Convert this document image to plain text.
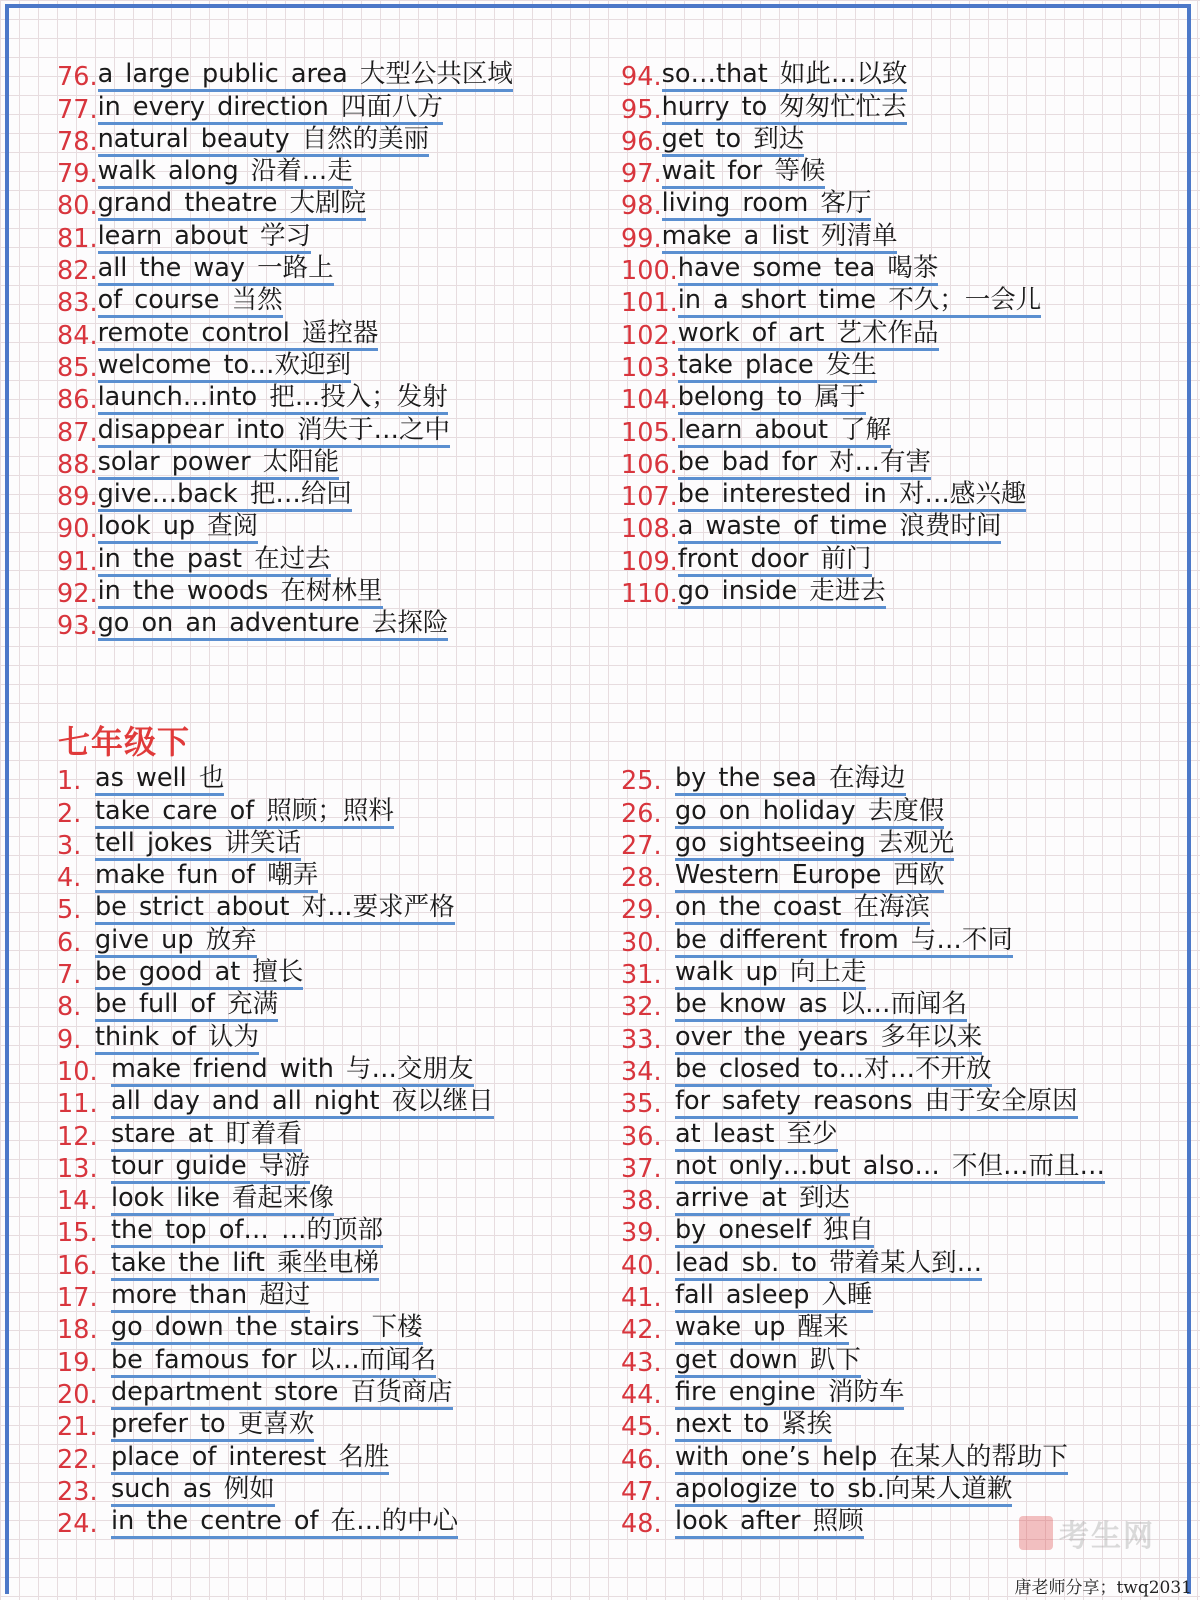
76. a large public area 大型公共区域
77. in every direction 四面八方
78. natural beauty 自然的美丽
79. walk along 沿着…走
80. grand theatre 大剧院
81. learn about 学习
82. all the way 一路上
83. of course 当然
84. remote control 遥控器
85. welcome to…欢迎到
86. launch…into 把…投入；发射
87. disappear into 消失于…之中
88. solar power 太阳能
89. give…back 把…给回
90. look up 查阅
91. in the past 在过去
92. in the woods 在树林里
93. go on an adventure 去探险
94. so…that 如此…以致
95. hurry to 匆匆忙忙去
96. get to 到达
97. wait for 等候
98. living room 客厅
99. make a list 列清单
100. have some tea 喝茶
101. in a short time 不久；一会儿
102. work of art 艺术作品
103. take place 发生
104. belong to 属于
105. learn about 了解
106. be bad for 对…有害
107. be interested in 对…感兴趣
108. a waste of time 浪费时间
109. front door 前门
110. go inside 走进去
七年级下
1. as well 也
2. take care of 照顾；照料
3. tell jokes 讲笑话
4. make fun of 嘲弄
5. be strict about 对…要求严格
6. give up 放弃
7. be good at 擅长
8. be full of 充满
9. think of 认为
10. make friend with 与…交朋友
11. all day and all night 夜以继日
12. stare at 盯着看
13. tour guide 导游
14. look like 看起来像
15. the top of… …的顶部
16. take the lift 乘坐电梯
17. more than 超过
18. go down the stairs 下楼
19. be famous for 以…而闻名
20. department store 百货商店
21. prefer to 更喜欢
22. place of interest 名胜
23. such as 例如
24. in the centre of 在…的中心
25. by the sea 在海边
26. go on holiday 去度假
27. go sightseeing 去观光
28. Western Europe 西欧
29. on the coast 在海滨
30. be different from 与…不同
31. walk up 向上走
32. be know as 以…而闻名
33. over the years 多年以来
34. be closed to…对…不开放
35. for safety reasons 由于安全原因
36. at least 至少
37. not only…but also… 不但…而且…
38. arrive at 到达
39. by oneself 独自
40. lead sb. to 带着某人到…
41. fall asleep 入睡
42. wake up 醒来
43. get down 趴下
44. fire engine 消防车
45. next to 紧挨
46. with one’s help 在某人的帮助下
47. apologize to sb.向某人道歉
48. look after 照顾	考生网
唐老师分享；twq2031
